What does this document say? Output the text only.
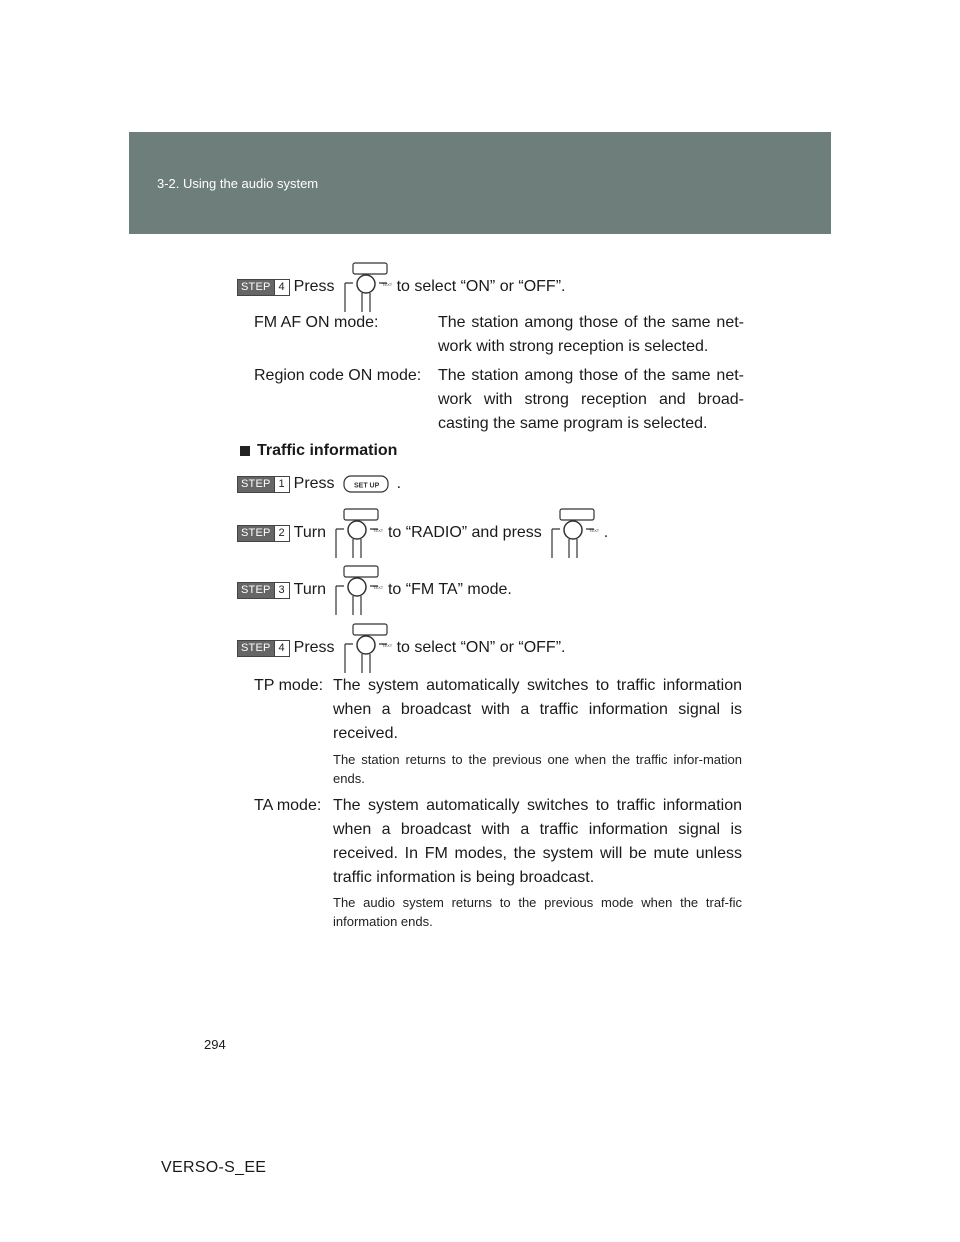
3-2. Using the audio system
STEP 4 Press	TEXT to select “ON” or “OFF”.
FM AF ON mode:	The station among those of the same net-work with strong reception is selected.
Region code ON mode: The station among those of the same net-work with strong reception and broad-casting the same program is selected.
Traffic information
STEP 1 Press	SET UP .
STEP 2 Turn	TEXT to “RADIO” and press	TEXT .
STEP 3 Turn	TEXT to “FM TA” mode.
STEP 4 Press	TEXT to select “ON” or “OFF”.
TP mode: The system automatically switches to traffic information when a broadcast with a traffic information signal is received.
The station returns to the previous one when the traffic infor-mation ends.
TA mode: The system automatically switches to traffic information when a broadcast with a traffic information signal is received. In FM modes, the system will be mute unless traffic information is being broadcast.
The audio system returns to the previous mode when the traf-fic information ends.
294
VERSO-S_EE
